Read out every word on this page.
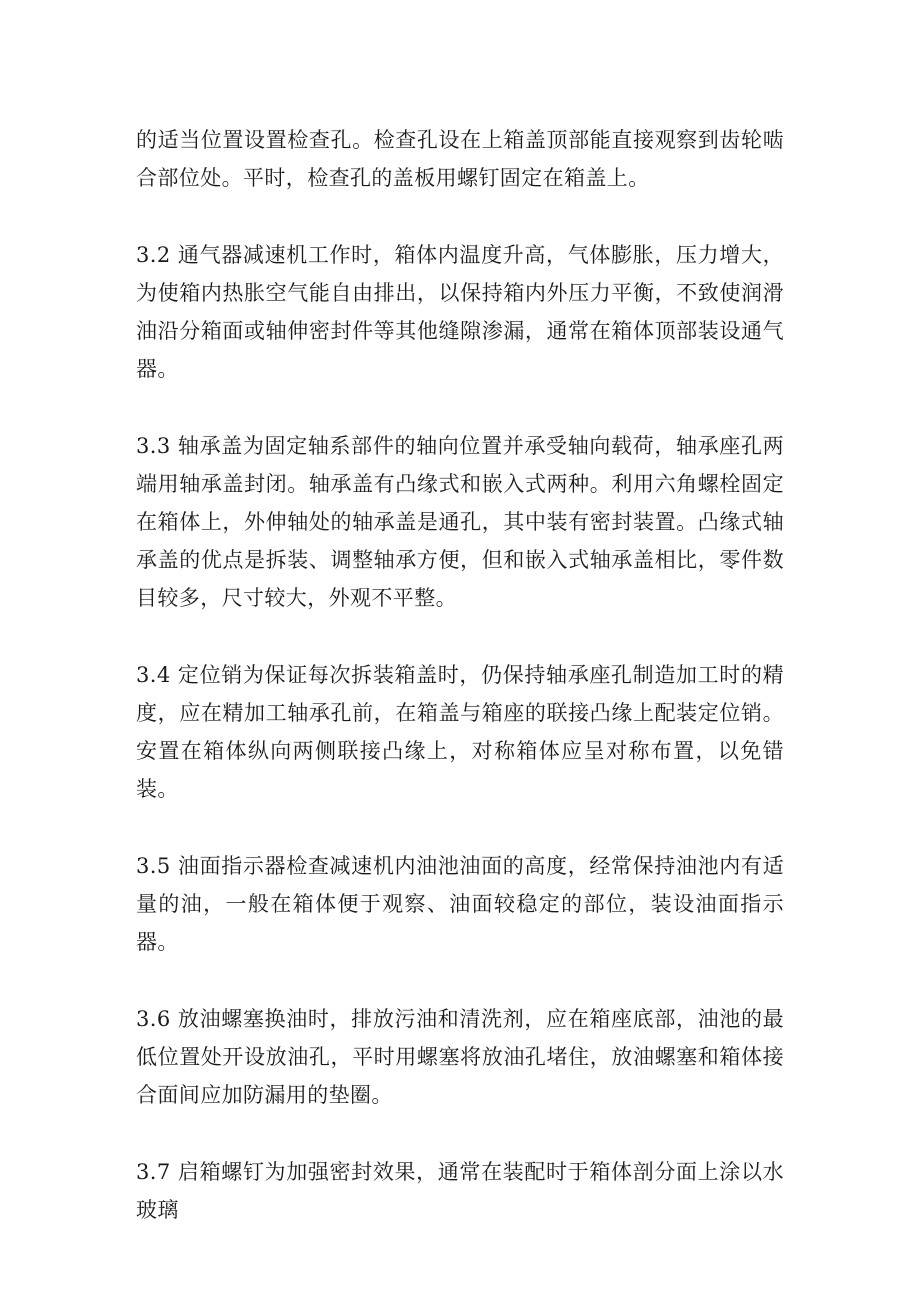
的适当位置设置检查孔。检查孔设在上箱盖顶部能直接观察到齿轮啮合部位处。平时，检查孔的盖板用螺钉固定在箱盖上。

3.2 通气器减速机工作时，箱体内温度升高，气体膨胀，压力增大，为使箱内热胀空气能自由排出，以保持箱内外压力平衡，不致使润滑油沿分箱面或轴伸密封件等其他缝隙渗漏，通常在箱体顶部装设通气器。

3.3 轴承盖为固定轴系部件的轴向位置并承受轴向载荷，轴承座孔两端用轴承盖封闭。轴承盖有凸缘式和嵌入式两种。利用六角螺栓固定在箱体上，外伸轴处的轴承盖是通孔，其中装有密封装置。凸缘式轴承盖的优点是拆装、调整轴承方便，但和嵌入式轴承盖相比，零件数目较多，尺寸较大，外观不平整。

3.4 定位销为保证每次拆装箱盖时，仍保持轴承座孔制造加工时的精度，应在精加工轴承孔前，在箱盖与箱座的联接凸缘上配装定位销。安置在箱体纵向两侧联接凸缘上，对称箱体应呈对称布置，以免错装。

3.5 油面指示器检查减速机内油池油面的高度，经常保持油池内有适量的油，一般在箱体便于观察、油面较稳定的部位，装设油面指示器。

3.6 放油螺塞换油时，排放污油和清洗剂，应在箱座底部，油池的最低位置处开设放油孔，平时用螺塞将放油孔堵住，放油螺塞和箱体接合面间应加防漏用的垫圈。

3.7 启箱螺钉为加强密封效果，通常在装配时于箱体剖分面上涂以水玻璃
